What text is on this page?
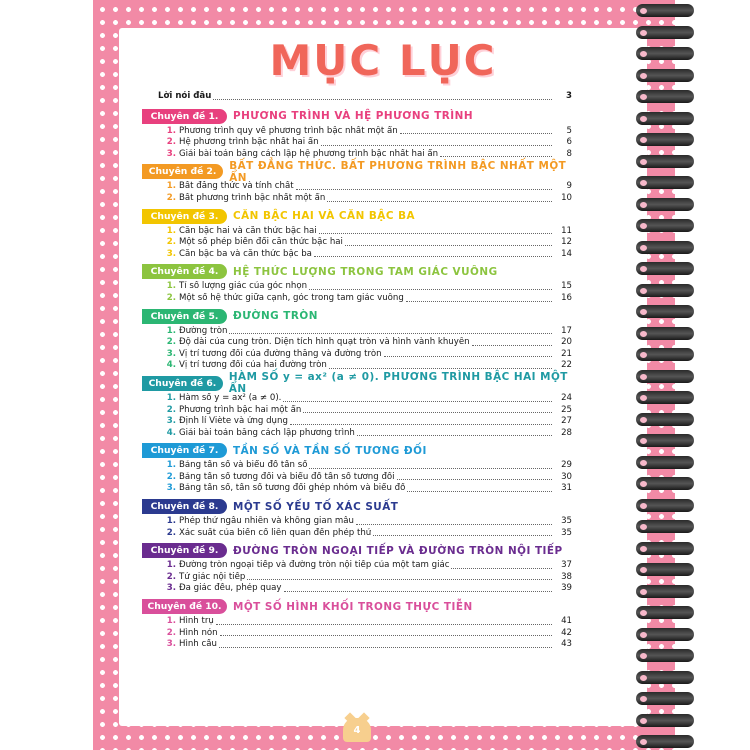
MỤC LỤC
Lời nói đầu	3
Chuyên đề 1.	PHƯƠNG TRÌNH VÀ HỆ PHƯƠNG TRÌNH
1. Phương trình quy về phương trình bậc nhất một ẩn	5
2. Hệ phương trình bậc nhất hai ẩn	6
3. Giải bài toán bằng cách lập hệ phương trình bậc nhất hai ẩn	8
Chuyên đề 2.	BẤT ĐẲNG THỨC. BẤT PHƯƠNG TRÌNH BẬC NHẤT MỘT ẨN
1. Bất đẳng thức và tính chất	9
2. Bất phương trình bậc nhất một ẩn	10
Chuyên đề 3.	CĂN BẬC HAI VÀ CĂN BẬC BA
1. Căn bậc hai và căn thức bậc hai	11
2. Một số phép biến đổi căn thức bậc hai	12
3. Căn bậc ba và căn thức bậc ba	14
Chuyên đề 4.	HỆ THỨC LƯỢNG TRONG TAM GIÁC VUÔNG
1. Tỉ số lượng giác của góc nhọn	15
2. Một số hệ thức giữa cạnh, góc trong tam giác vuông	16
Chuyên đề 5.	ĐƯỜNG TRÒN
1. Đường tròn	17
2. Độ dài của cung tròn. Diện tích hình quạt tròn và hình vành khuyên	20
3. Vị trí tương đối của đường thẳng và đường tròn	21
4. Vị trí tương đối của hai đường tròn	22
Chuyên đề 6.	HÀM SỐ y = ax² (a ≠ 0). PHƯƠNG TRÌNH BẬC HAI MỘT ẨN
1. Hàm số y = ax² (a ≠ 0).	24
2. Phương trình bậc hai một ẩn	25
3. Định lí Viète và ứng dụng	27
4. Giải bài toán bằng cách lập phương trình	28
Chuyên đề 7.	TẦN SỐ VÀ TẦN SỐ TƯƠNG ĐỐI
1. Bảng tần số và biểu đồ tần số	29
2. Bảng tần số tương đối và biểu đồ tần số tương đối	30
3. Bảng tần số, tần số tương đối ghép nhóm và biểu đồ	31
Chuyên đề 8.	MỘT SỐ YẾU TỐ XÁC SUẤT
1. Phép thử ngẫu nhiên và không gian mẫu	35
2. Xác suất của biến cố liên quan đến phép thử	35
Chuyên đề 9.	ĐƯỜNG TRÒN NGOẠI TIẾP VÀ ĐƯỜNG TRÒN NỘI TIẾP
1. Đường tròn ngoại tiếp và đường tròn nội tiếp của một tam giác	37
2. Tứ giác nội tiếp	38
3. Đa giác đều, phép quay	39
Chuyên đề 10.	MỘT SỐ HÌNH KHỐI TRONG THỰC TIỄN
1. Hình trụ	41
2. Hình nón	42
3. Hình cầu	43
4
